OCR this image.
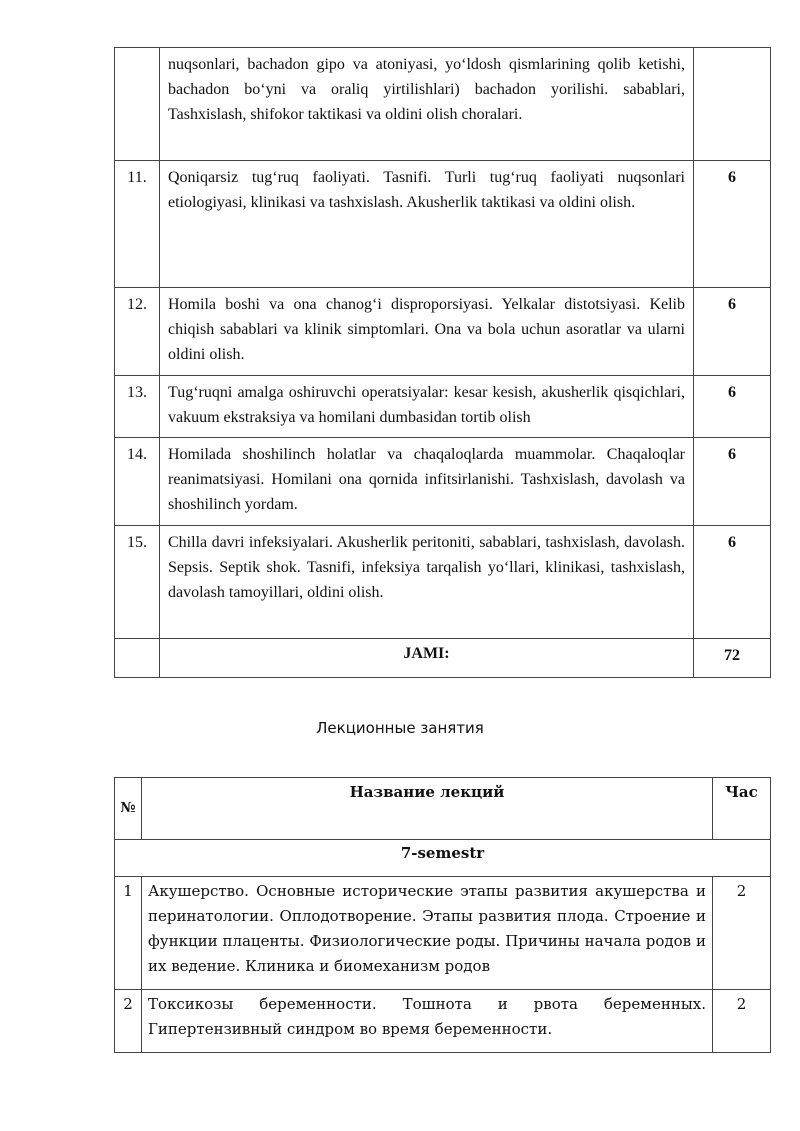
	nuqsonlari, bachadon gipo va atoniyasi, yo‘ldosh qismlarining qolib ketishi, bachadon bo‘yni va oraliq yirtilishlari) bachadon yorilishi. sabablari, Tashxislash, shifokor taktikasi va oldini olish choralari.	
11.	Qoniqarsiz tug‘ruq faoliyati. Tasnifi. Turli tug‘ruq faoliyati nuqsonlari etiologiyasi, klinikasi va tashxislash. Akusherlik taktikasi va oldini olish.	6
12.	Homila boshi va ona chanog‘i disproporsiyasi. Yelkalar distotsiyasi. Kelib chiqish sabablari va klinik simptomlari. Ona va bola uchun asoratlar va ularni oldini olish.	6
13.	Tug‘ruqni amalga oshiruvchi operatsiyalar: kesar kesish, akusherlik qisqichlari, vakuum ekstraksiya va homilani dumbasidan tortib olish	6
14.	Homilada shoshilinch holatlar va chaqaloqlarda muammolar. Chaqaloqlar reanimatsiyasi. Homilani ona qornida infitsirlanishi. Tashxislash, davolash va shoshilinch yordam.	6
15.	Chilla davri infeksiyalari. Akusherlik peritoniti, sabablari, tashxislash, davolash. Sepsis. Septik shok. Tasnifi, infeksiya tarqalish yo‘llari, klinikasi, tashxislash, davolash tamoyillari, oldini olish.	6
	JAMI:	72
Лекционные занятия
№	Название лекций	Час
7-semestr		
1	Акушерство. Основные исторические этапы развития акушерства и перинатологии. Оплодотворение. Этапы развития плода. Строение и функции плаценты. Физиологические роды. Причины начала родов и их ведение. Клиника и биомеханизм родов	2
2	Токсикозы беременности. Тошнота и рвота беременных. Гипертензивный синдром во время беременности.	2
